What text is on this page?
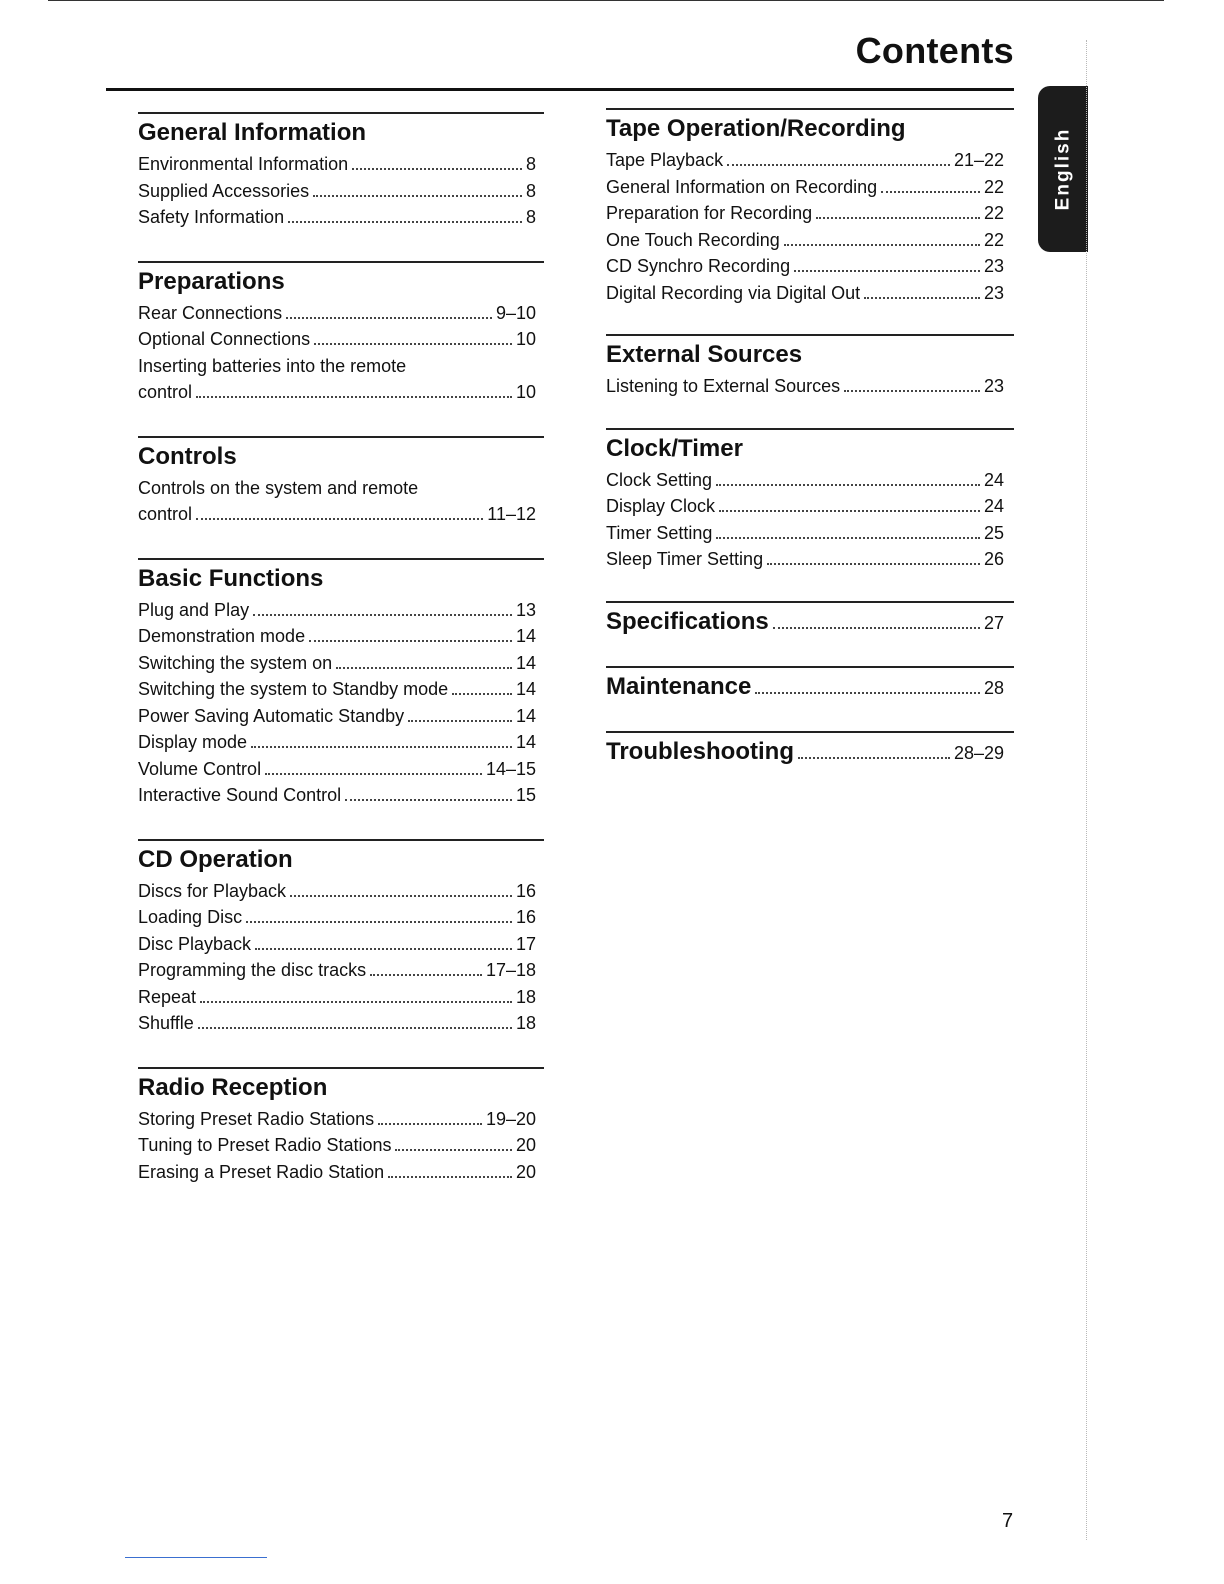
Contents
English
General Information
Environmental Information	8
Supplied Accessories	8
Safety Information	8
Preparations
Rear Connections	9–10
Optional Connections	10
Inserting batteries into the remote
control	10
Controls
Controls on the system and remote
control	11–12
Basic Functions
Plug and Play	13
Demonstration mode	14
Switching the system on	14
Switching the system to Standby mode	14
Power Saving Automatic Standby	14
Display mode	14
Volume Control	14–15
Interactive Sound Control	15
CD Operation
Discs for Playback	16
Loading Disc	16
Disc Playback	17
Programming the disc tracks	17–18
Repeat	18
Shuffle	18
Radio Reception
Storing Preset Radio Stations	19–20
Tuning to Preset Radio Stations	20
Erasing a Preset Radio Station	20
Tape Operation/Recording
Tape Playback	21–22
General Information on Recording	22
Preparation for Recording	22
One Touch Recording	22
CD Synchro Recording	23
Digital Recording via Digital Out	23
External Sources
Listening to External Sources	23
Clock/Timer
Clock Setting	24
Display Clock	24
Timer Setting	25
Sleep Timer Setting	26
Specifications	27
Maintenance	28
Troubleshooting	28–29
7
